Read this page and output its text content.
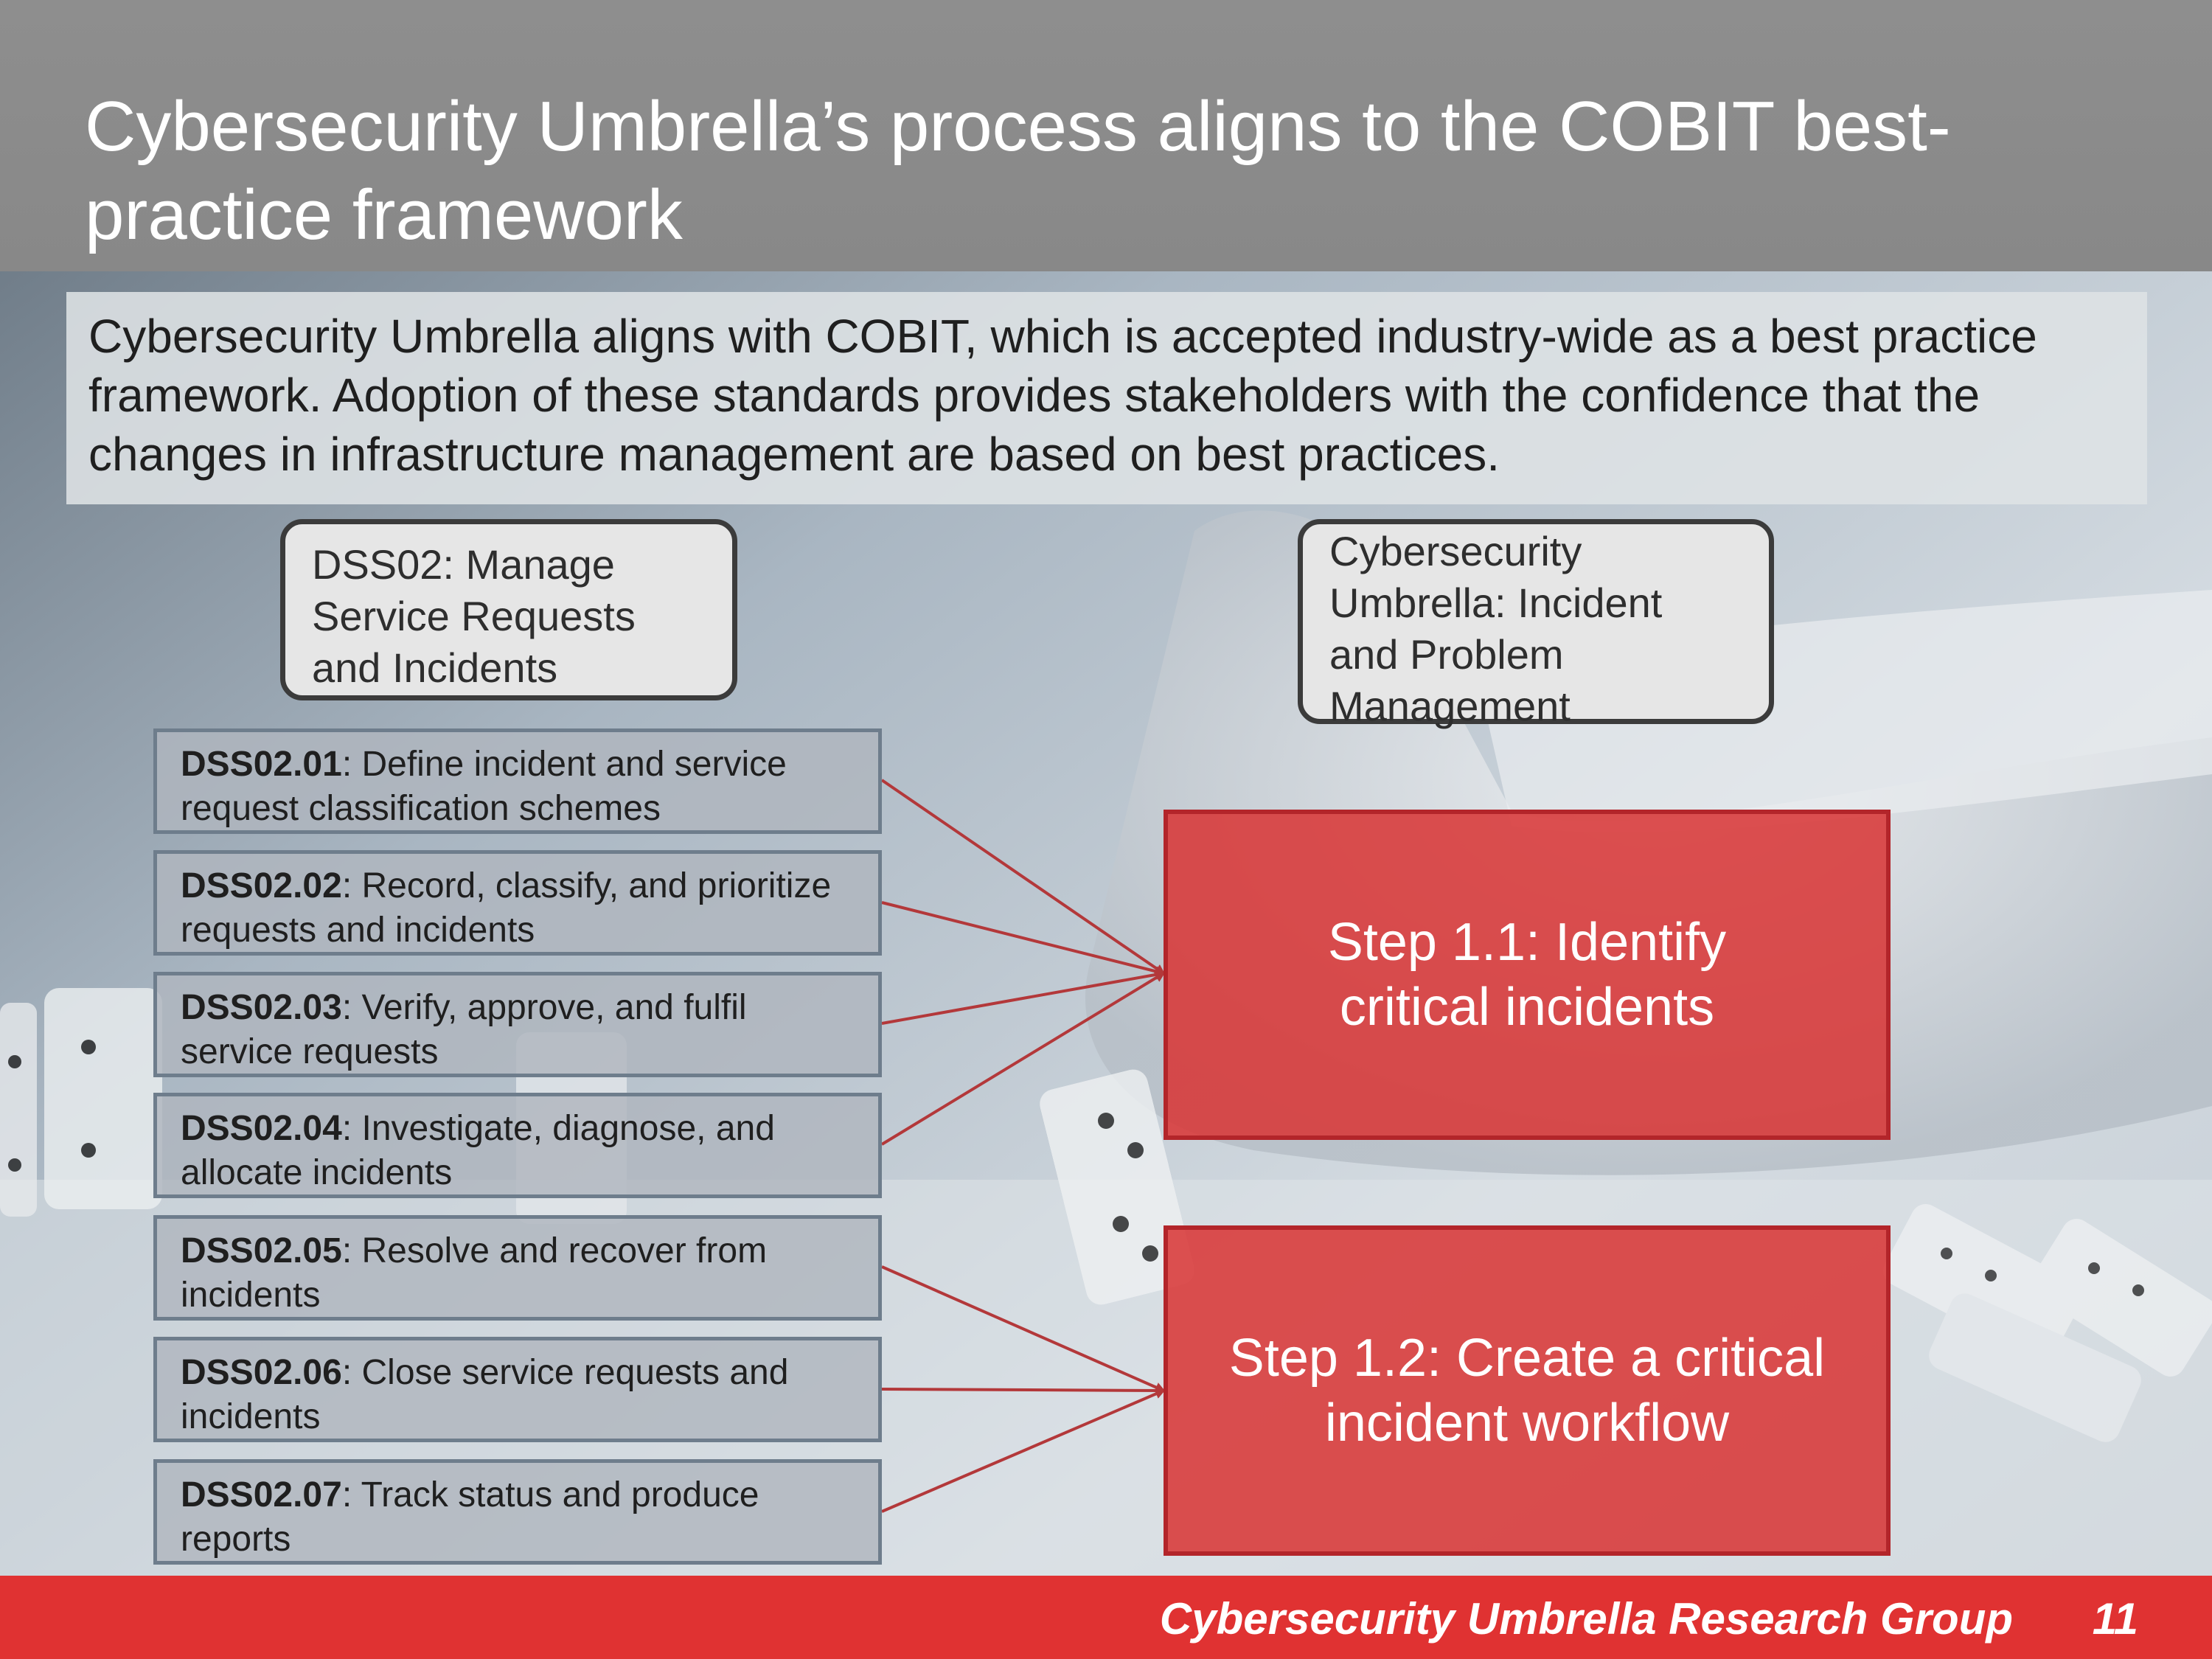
Cybersecurity Umbrella’s process aligns to the COBIT best-practice framework

Cybersecurity Umbrella aligns with COBIT, which is accepted industry-wide as a best practice framework. Adoption of these standards provides stakeholders with the confidence that the changes in infrastructure management are based on best practices.

DSS02: Manage Service Requests and Incidents
Cybersecurity Umbrella: Incident and Problem Management
DSS02.01: Define incident and service request classification schemes
DSS02.02: Record, classify, and prioritize requests and incidents
DSS02.03: Verify, approve, and fulfil service requests
DSS02.04: Investigate, diagnose, and allocate incidents
DSS02.05: Resolve and recover from incidents
DSS02.06: Close service requests and incidents
DSS02.07: Track status and produce reports
Step 1.1: Identify critical incidents
Step 1.2: Create a critical incident workflow
Cybersecurity Umbrella Research Group 11
